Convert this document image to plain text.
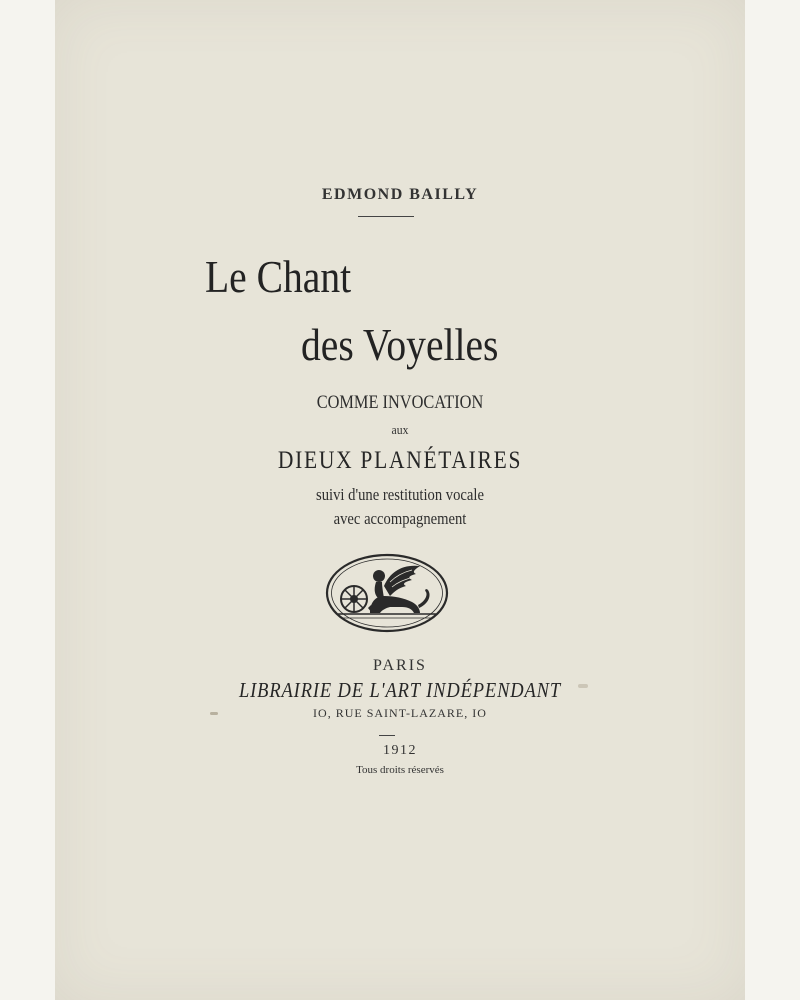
EDMOND BAILLY

Le Chant

des Voyelles

COMME INVOCATION

aux

DIEUX PLANÉTAIRES

suivi d'une restitution vocale

avec accompagnement

PARIS

LIBRAIRIE DE L'ART INDÉPENDANT

IO, RUE SAINT-LAZARE, IO

1912

Tous droits réservés
